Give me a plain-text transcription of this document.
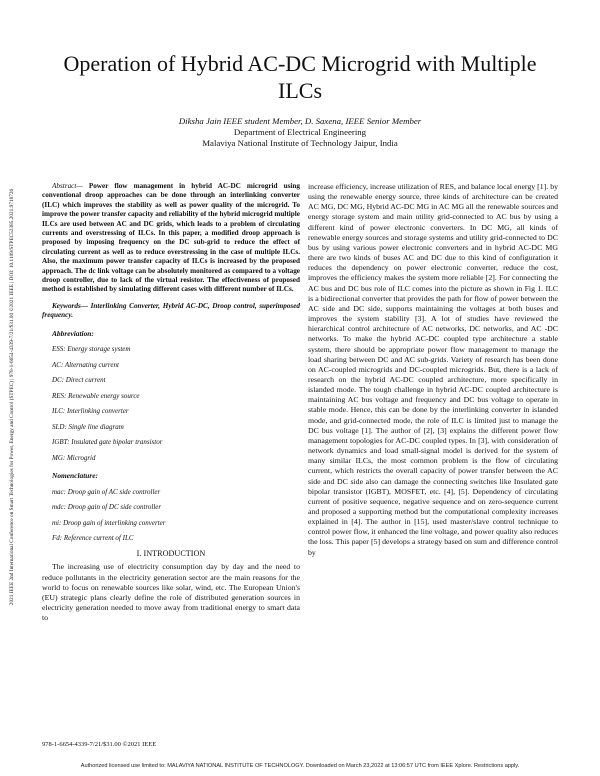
2021 IEEE 2nd International Conference on Smart Technologies for Power, Energy and Control (STPEC) | 978-1-6654-4339-7/21/$31.00 ©2021 IEEE | DOI: 10.1109/STPEC52385.2021.9718726
Operation of Hybrid AC-DC Microgrid with Multiple ILCs
Diksha Jain IEEE student Member, D. Saxena, IEEE Senior Member
Department of Electrical Engineering
Malaviya National Institute of Technology Jaipur, India

Abstract— Power flow management in hybrid AC-DC microgrid using conventional droop approaches can be done through an interlinking converter (ILC) which improves the stability as well as power quality of the microgrid. To improve the power transfer capacity and reliability of the hybrid microgrid multiple ILCs are used between AC and DC grids, which leads to a problem of circulating currents and overstressing of ILCs. In this paper, a modified droop approach is proposed by imposing frequency on the DC sub-grid to reduce the effect of circulating current as well as to reduce overstressing in the case of multiple ILCs. Also, the maximum power transfer capacity of ILCs is increased by the proposed approach. The dc link voltage can be absolutely monitored as compared to a voltage droop controller, due to lack of the virtual resistor. The effectiveness of proposed method is established by simulating different cases with different number of ILCs.

Keywords— Interlinking Converter, Hybrid AC-DC, Droop control, superimposed frequency.

Abbreviation:
ESS: Energy storage system
AC: Alternating current
DC: Direct current
RES: Renewable energy source
ILC: Interlinking converter
SLD: Single line diagram
IGBT: Insulated gate bipolar transistor
MG: Microgrid
Nomenclature:
mac: Droop gain of AC side controller
mdc: Droop gain of DC side controller
mi: Droop gain of interlinking converter
Fd: Reference current of ILC
I. INTRODUCTION

The increasing use of electricity consumption day by day and the need to reduce pollutants in the electricity generation sector are the main reasons for the world to focus on renewable sources like solar, wind, etc. The European Union's (EU) strategic plans clearly define the role of distributed generation sources in electricity generation needed to move away from traditional energy to smart data to

increase efficiency, increase utilization of RES, and balance local energy [1]. by using the renewable energy source, three kinds of architecture can be created AC MG, DC MG, Hybrid AC-DC MG in AC MG all the renewable sources and energy storage system and main utility grid-connected to AC bus by using a different kind of power electronic converters. In DC MG, all kinds of renewable energy sources and storage systems and utility grid-connected to DC bus by using various power electronic converters and in hybrid AC-DC MG there are two kinds of buses AC and DC due to this kind of configuration it reduces the dependency on power electronic converter, reduce the cost, improves the efficiency makes the system more reliable [2]. For connecting the AC bus and DC bus role of ILC comes into the picture as shown in Fig 1. ILC is a bidirectional converter that provides the path for flow of power between the AC side and DC side, supports maintaining the voltages at both buses and improves the system stability [3]. A lot of studies have reviewed the hierarchical control architecture of AC networks, DC networks, and AC -DC networks. To make the hybrid AC-DC coupled type architecture a stable system, there should be appropriate power flow management to manage the load sharing between DC and AC sub-grids. Variety of research has been done on AC-coupled microgrids and DC-coupled microgrids. But, there is a lack of research on the hybrid AC-DC coupled architecture, more specifically in islanded mode. The tough challenge in hybrid AC-DC coupled architecture is maintaining AC bus voltage and frequency and DC bus voltage to operate in stable mode. Hence, this can be done by the interlinking converter in islanded mode, and grid-connected mode, the role of ILC is limited just to manage the DC bus voltage [1]. The author of [2], [3] explains the different power flow management topologies for AC-DC coupled types. In [3], with consideration of network dynamics and load small-signal model is derived for the system of many similar ILCs, the most common problem is the flow of circulating current, which restricts the overall capacity of power transfer between the AC side and DC side also can damage the connecting switches like Insulated gate bipolar transistor (IGBT), MOSFET, etc. [4], [5]. Dependency of circulating current of positive sequence, negative sequence and on zero-sequence current and proposed a supporting method but the computational complexity increases explained in [4]. The author in [15], used master/slave control technique to control power flow, it enhanced the line voltage, and power quality also reduces the loss. This paper [5] develops a strategy based on sum and difference control by

978-1-6654-4339-7/21/$31.00 ©2021 IEEE
Authorized licensed use limited to: MALAVIYA NATIONAL INSTITUTE OF TECHNOLOGY. Downloaded on March 23,2022 at 13:06:57 UTC from IEEE Xplore. Restrictions apply.
